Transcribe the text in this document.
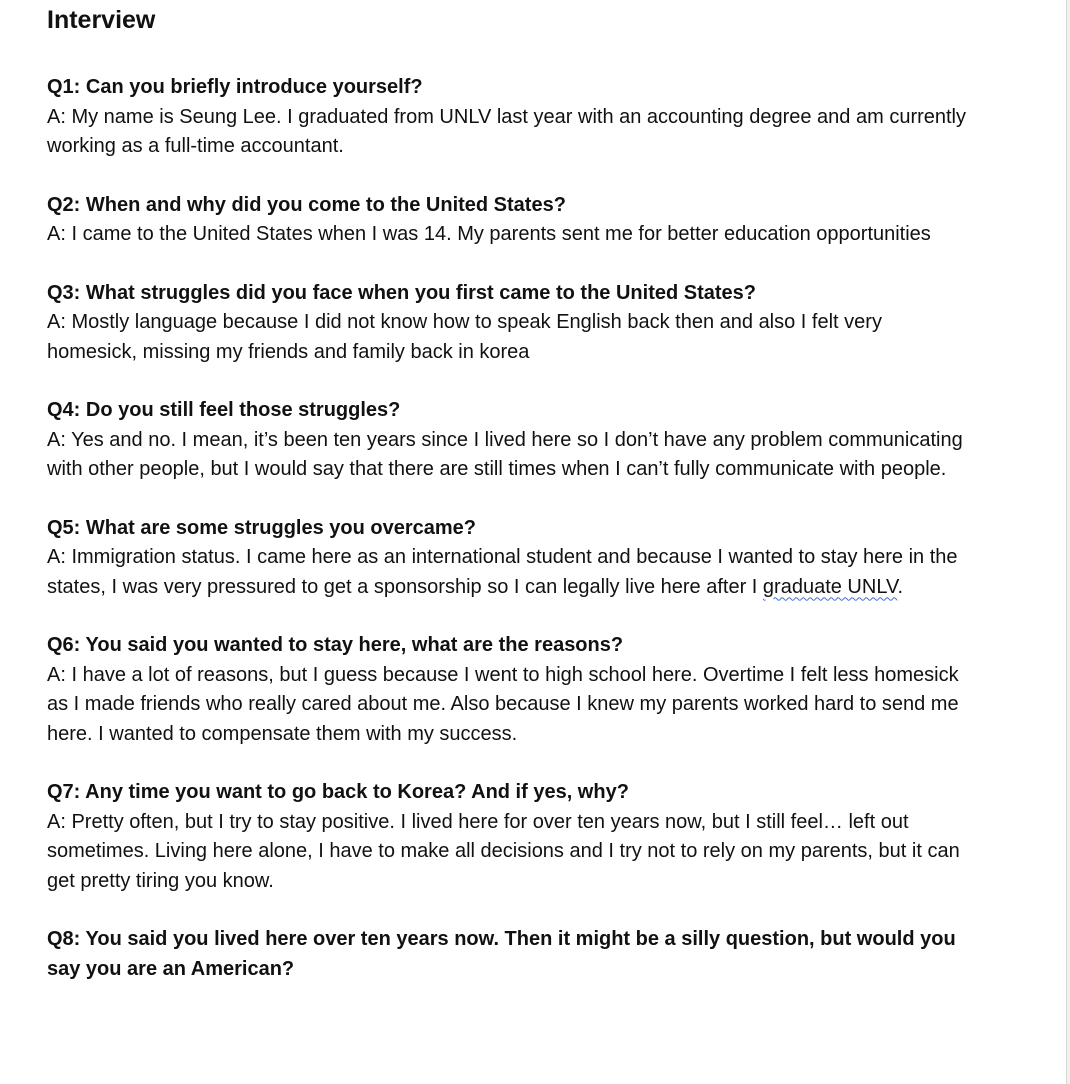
Interview

Q1: Can you briefly introduce yourself?

A: My name is Seung Lee. I graduated from UNLV last year with an accounting degree and am currently working as a full-time accountant.

Q2: When and why did you come to the United States?

A: I came to the United States when I was 14. My parents sent me for better education opportunities

Q3: What struggles did you face when you first came to the United States?

A: Mostly language because I did not know how to speak English back then and also I felt very homesick, missing my friends and family back in korea

Q4: Do you still feel those struggles?

A: Yes and no. I mean, it’s been ten years since I lived here so I don’t have any problem communicating with other people, but I would say that there are still times when I can’t fully communicate with people.

Q5: What are some struggles you overcame?

A: Immigration status. I came here as an international student and because I wanted to stay here in the states, I was very pressured to get a sponsorship so I can legally live here after I graduate UNLV.

Q6: You said you wanted to stay here, what are the reasons?

A: I have a lot of reasons, but I guess because I went to high school here. Overtime I felt less homesick as I made friends who really cared about me. Also because I knew my parents worked hard to send me here. I wanted to compensate them with my success.

Q7: Any time you want to go back to Korea? And if yes, why?

A: Pretty often, but I try to stay positive. I lived here for over ten years now, but I still feel… left out sometimes. Living here alone, I have to make all decisions and I try not to rely on my parents, but it can get pretty tiring you know.

Q8: You said you lived here over ten years now. Then it might be a silly question, but would you say you are an American?
